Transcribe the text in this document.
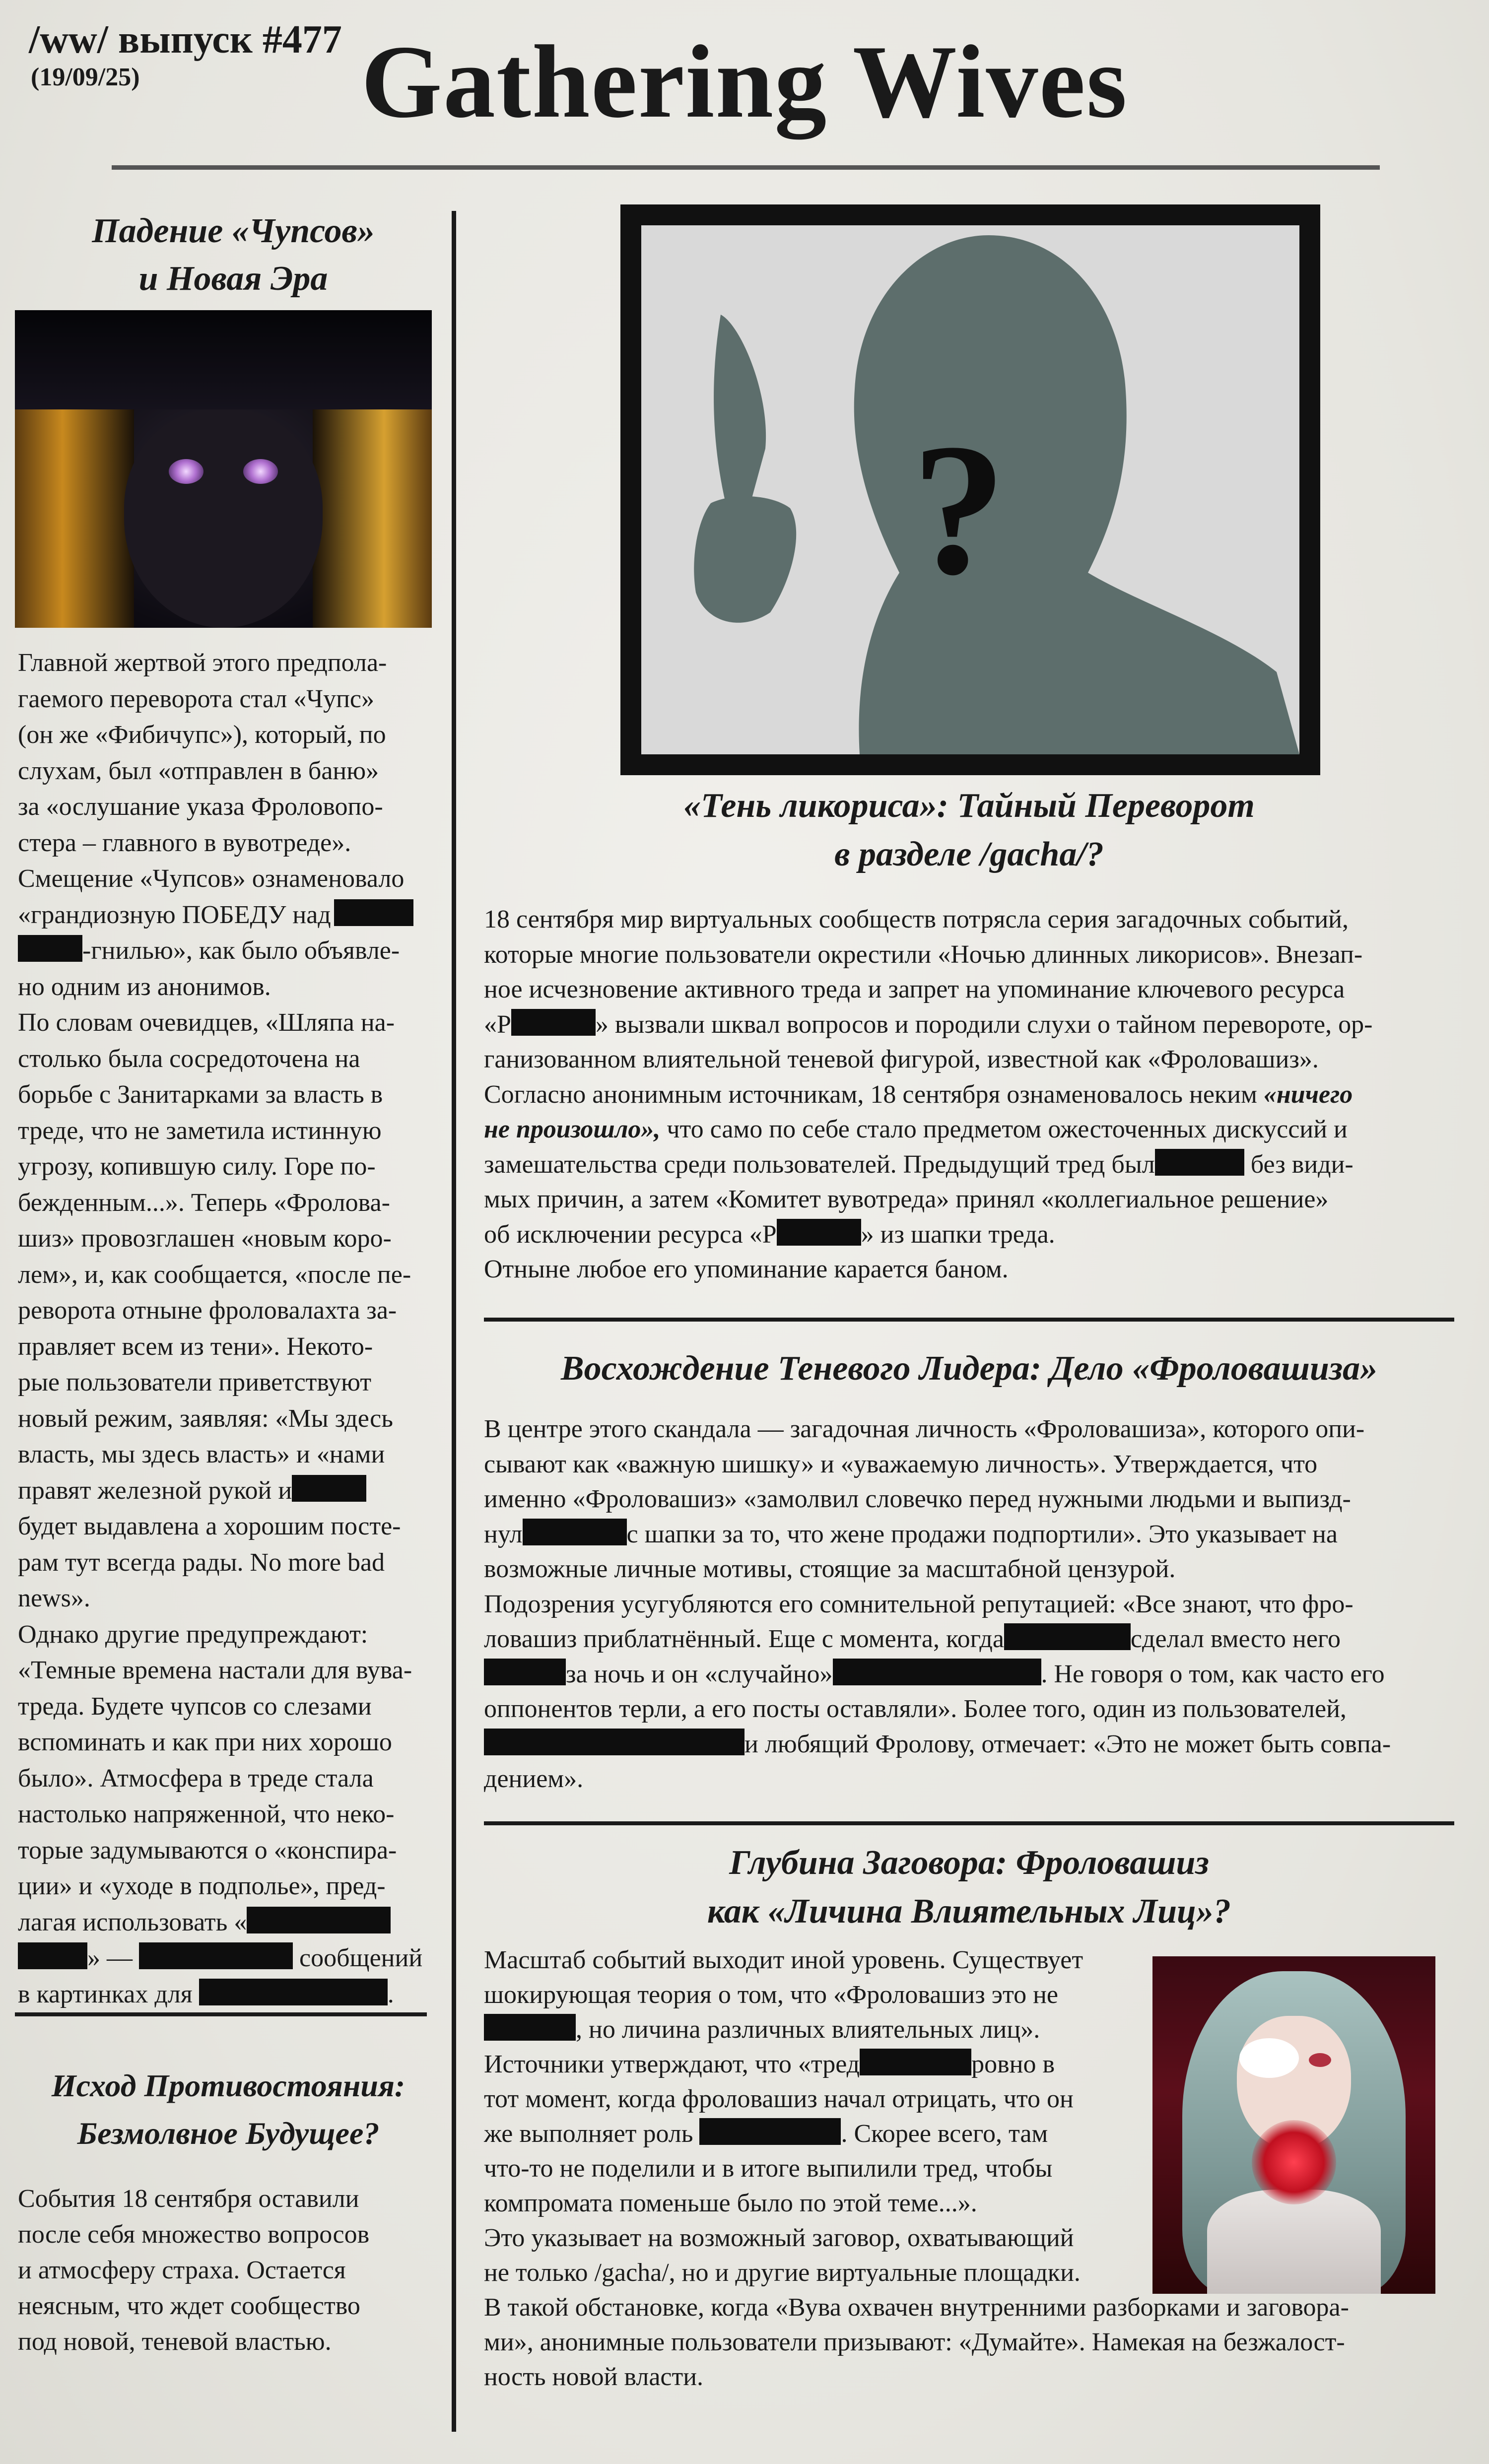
/ww/ выпуск #477
(19/09/25)	Gathering Wives
Падение «Чупсов»
и Новая Эра
Главной жертвой этого предпола-
гаемого переворота стал «Чупс»
(он же «Фибичупс»), который, по
слухам, был «отправлен в баню»
за «ослушание указа Фроловопо-
стера – главного в вувотреде».
Смещение «Чупсов» ознаменовало
«грандиозную ПОБЕДУ над
-гнилью», как было объявле-
но одним из анонимов.
По словам очевидцев, «Шляпа на-
столько была сосредоточена на
борьбе с Занитарками за власть в
треде, что не заметила истинную
угрозу, копившую силу. Горе по-
бежденным...». Теперь «Фролова-
шиз» провозглашен «новым коро-
лем», и, как сообщается, «после пе-
реворота отныне фроловалахта за-
правляет всем из тени». Некото-
рые пользователи приветствуют
новый режим, заявляя: «Мы здесь
власть, мы здесь власть» и «нами
правят железной рукой и
будет выдавлена а хорошим постe-
рам тут всегда рады. No more bad
news».
Однако другие предупреждают:
«Темные времена настали для вува-
треда. Будете чупсов со слезами
вспоминать и как при них хорошо
было». Атмосфера в треде стала
настолько напряженной, что неко-
торые задумываются о «конспира-
ции» и «уходе в подполье», пред-
лагая использовать «
» —	сообщений
в картинках для	.
Исход Противостояния:
Безмолвное Будущее?
События 18 сентября оставили
после себя множество вопросов
и атмосферу страха. Остается
неясным, что ждет сообщество
под новой, теневой властью.
?
«Тень ликориса»: Тайный Переворот
в разделе /gacha/?
18 сентября мир виртуальных сообществ потрясла серия загадочных событий,
которые многие пользователи окрестили «Ночью длинных ликорисов». Внезап-
ное исчезновение активного треда и запрет на упоминание ключевого ресурса
«Р	» вызвали шквал вопросов и породили слухи о тайном перевороте, ор-
ганизованном влиятельной теневой фигурой, известной как «Фроловашиз».
Согласно анонимным источникам, 18 сентября ознаменовалось неким «ничего
не произошло», что само по себе стало предметом ожесточенных дискуссий и
замешательства среди пользователей. Предыдущий тред был	без види-
мых причин, а затем «Комитет вувотреда» принял «коллегиальное решение»
об исключении ресурса «Р	» из шапки треда.
Отныне любое его упоминание карается баном.
Восхождение Теневого Лидера: Дело «Фроловашиза»
В центре этого скандала — загадочная личность «Фроловашиза», которого опи-
сывают как «важную шишку» и «уважаемую личность». Утверждается, что
именно «Фроловашиз» «замолвил словечко перед нужными людьми и выпизд-
нул	с шапки за то, что жене продажи подпортили». Это указывает на
возможные личные мотивы, стоящие за масштабной цензурой.
Подозрения усугубляются его сомнительной репутацией: «Все знают, что фро-
ловашиз приблатнённый. Еще с момента, когда	сделал вместо него
за ночь и он «случайно»	. Не говоря о том, как часто его
оппонентов терли, а его посты оставляли». Более того, один из пользователей,
и любящий Фролову, отмечает: «Это не может быть совпа-
дением».
Глубина Заговора: Фроловашиз
как «Личина Влиятельных Лиц»?
Масштаб событий выходит иной уровень. Существует
шокирующая теория о том, что «Фроловашиз это не
, но личина различных влиятельных лиц».
Источники утверждают, что «тред	ровно в
тот момент, когда фроловашиз начал отрицать, что он
же выполняет роль	. Скорее всего, там
что-то не поделили и в итоге выпилили тред, чтобы
компромата поменьше было по этой теме...».
Это указывает на возможный заговор, охватывающий
не только /gacha/, но и другие виртуальные площадки.
В такой обстановке, когда «Вува охвачен внутренними разборками и заговора-
ми», анонимные пользователи призывают: «Думайте». Намекая на безжалост-
ность новой власти.
